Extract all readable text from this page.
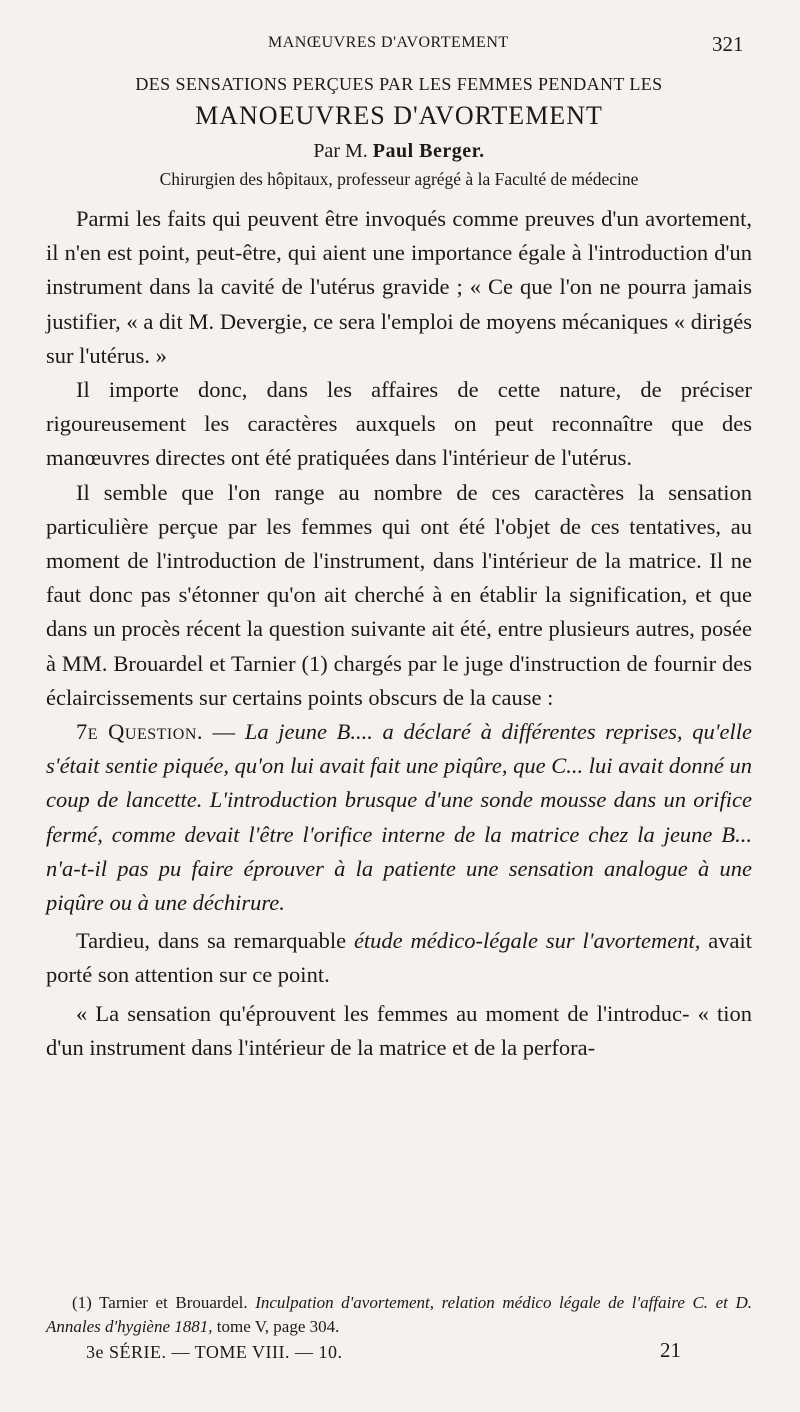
MANŒUVRES D'AVORTEMENT	321
DES SENSATIONS PERÇUES PAR LES FEMMES PENDANT LES
MANOEUVRES D'AVORTEMENT
Par M. Paul Berger.
Chirurgien des hôpitaux, professeur agrégé à la Faculté de médecine

Parmi les faits qui peuvent être invoqués comme preuves d'un avortement, il n'en est point, peut-être, qui aient une importance égale à l'introduction d'un instrument dans la cavité de l'utérus gravide ; « Ce que l'on ne pourra jamais justifier, « a dit M. Devergie, ce sera l'emploi de moyens mécaniques « dirigés sur l'utérus. »

Il importe donc, dans les affaires de cette nature, de préciser rigoureusement les caractères auxquels on peut reconnaître que des manœuvres directes ont été pratiquées dans l'intérieur de l'utérus.

Il semble que l'on range au nombre de ces caractères la sensation particulière perçue par les femmes qui ont été l'objet de ces tentatives, au moment de l'introduction de l'instrument, dans l'intérieur de la matrice. Il ne faut donc pas s'étonner qu'on ait cherché à en établir la signification, et que dans un procès récent la question suivante ait été, entre plusieurs autres, posée à MM. Brouardel et Tarnier (1) chargés par le juge d'instruction de fournir des éclaircissements sur certains points obscurs de la cause :

7e Question. — La jeune B.... a déclaré à différentes reprises, qu'elle s'était sentie piquée, qu'on lui avait fait une piqûre, que C... lui avait donné un coup de lancette. L'introduction brusque d'une sonde mousse dans un orifice fermé, comme devait l'être l'orifice interne de la matrice chez la jeune B... n'a-t-il pas pu faire éprouver à la patiente une sensation analogue à une piqûre ou à une déchirure.

Tardieu, dans sa remarquable étude médico-légale sur l'avortement, avait porté son attention sur ce point.

« La sensation qu'éprouvent les femmes au moment de l'introduc- « tion d'un instrument dans l'intérieur de la matrice et de la perfora-

(1) Tarnier et Brouardel. Inculpation d'avortement, relation médico légale de l'affaire C. et D. Annales d'hygiène 1881, tome V, page 304.
3e SÉRIE. — TOME VIII. — 10.	21
